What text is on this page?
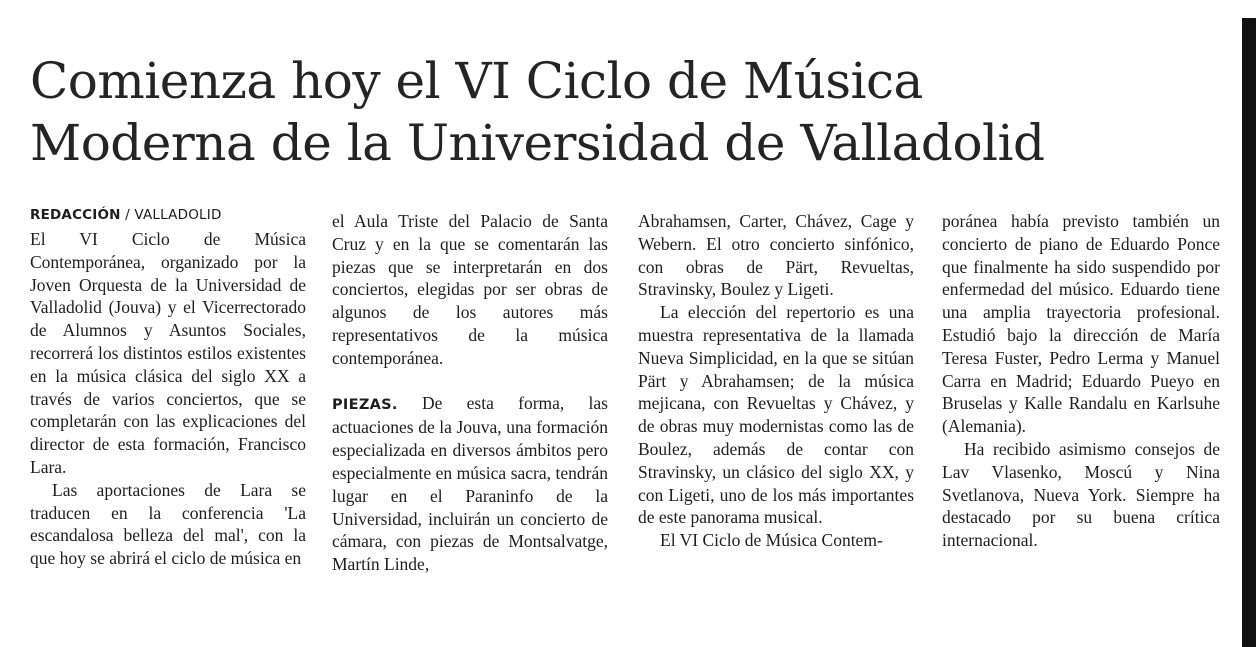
Comienza hoy el VI Ciclo de Música
Moderna de la Universidad de Valladolid
REDACCIÓN / VALLADOLID

El VI Ciclo de Música Contemporánea, organizado por la Joven Orquesta de la Universidad de Valladolid (Jouva) y el Vicerrectorado de Alumnos y Asuntos Sociales, recorrerá los distintos estilos existentes en la música clásica del siglo XX a través de varios conciertos, que se completarán con las explicaciones del director de esta formación, Francisco Lara.

Las aportaciones de Lara se traducen en la conferencia 'La escandalosa belleza del mal', con la que hoy se abrirá el ciclo de música en

el Aula Triste del Palacio de Santa Cruz y en la que se comentarán las piezas que se interpretarán en dos conciertos, elegidas por ser obras de algunos de los autores más representativos de la música contemporánea.

PIEZAS. De esta forma, las actuaciones de la Jouva, una formación especializada en diversos ámbitos pero especialmente en música sacra, tendrán lugar en el Paraninfo de la Universidad, incluirán un concierto de cámara, con piezas de Montsalvatge, Martín Linde,

Abrahamsen, Carter, Chávez, Cage y Webern. El otro concierto sinfónico, con obras de Pärt, Revueltas, Stravinsky, Boulez y Ligeti.

La elección del repertorio es una muestra representativa de la llamada Nueva Simplicidad, en la que se sitúan Pärt y Abrahamsen; de la música mejicana, con Revueltas y Chávez, y de obras muy modernistas como las de Boulez, además de contar con Stravinsky, un clásico del siglo XX, y con Ligeti, uno de los más importantes de este panorama musical.

El VI Ciclo de Música Contem-

poránea había previsto también un concierto de piano de Eduardo Ponce que finalmente ha sido suspendido por enfermedad del músico. Eduardo tiene una amplia trayectoria profesional. Estudió bajo la dirección de María Teresa Fuster, Pedro Lerma y Manuel Carra en Madrid; Eduardo Pueyo en Bruselas y Kalle Randalu en Karlsuhe (Alemania).

Ha recibido asimismo consejos de Lav Vlasenko, Moscú y Nina Svetlanova, Nueva York. Siempre ha destacado por su buena crítica internacional.
